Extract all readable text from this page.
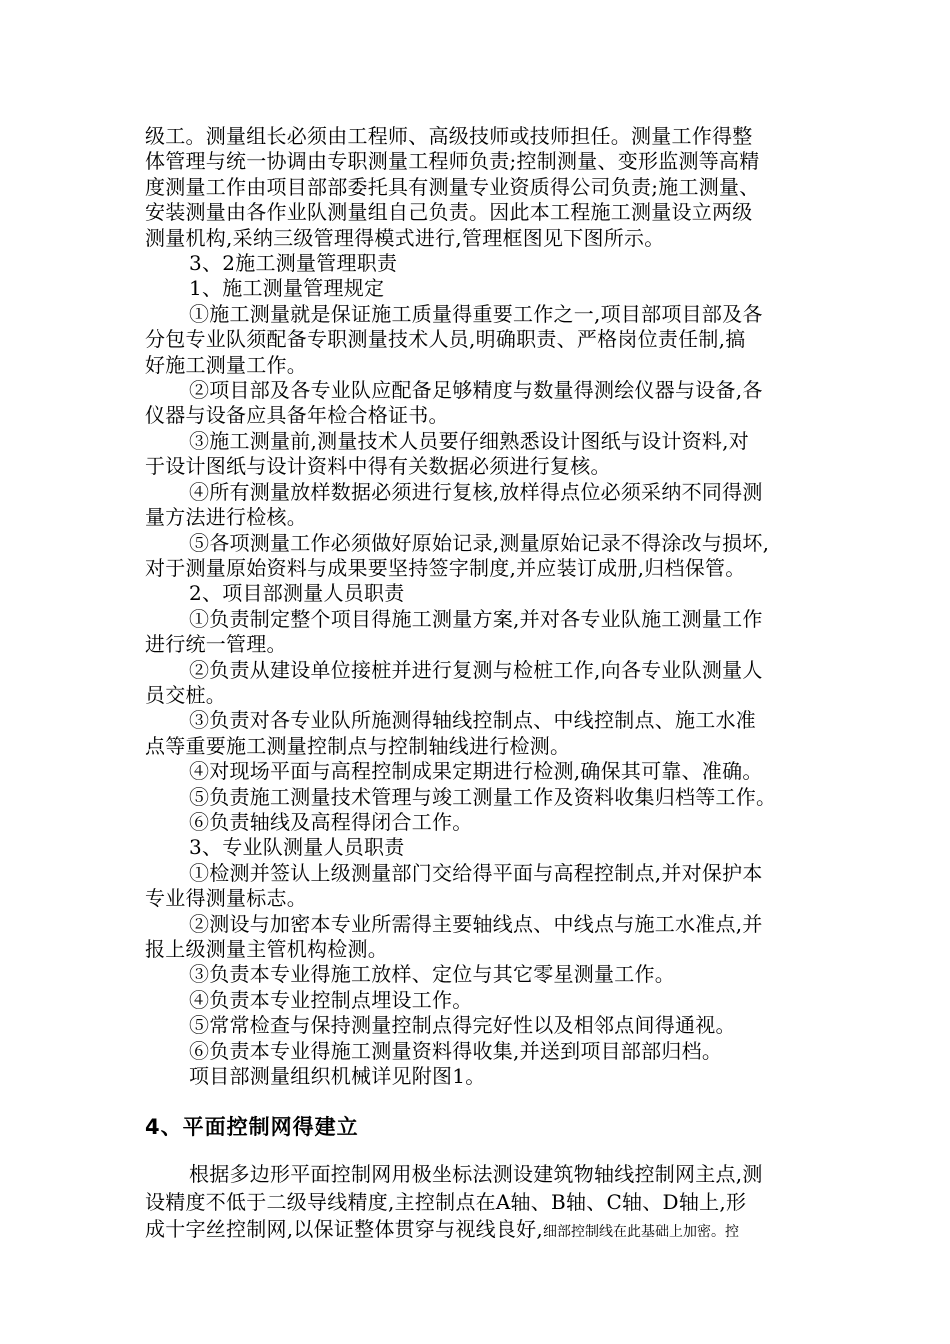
级工。测量组长必须由工程师、高级技师或技师担任。测量工作得整

体管理与统一协调由专职测量工程师负责;控制测量、变形监测等高精

度测量工作由项目部部委托具有测量专业资质得公司负责;施工测量、

安装测量由各作业队测量组自己负责。因此本工程施工测量设立两级

测量机构,采纳三级管理得模式进行,管理框图见下图所示。

3、2施工测量管理职责

1、施工测量管理规定

①施工测量就是保证施工质量得重要工作之一,项目部项目部及各

分包专业队须配备专职测量技术人员,明确职责、严格岗位责任制,搞

好施工测量工作。

②项目部及各专业队应配备足够精度与数量得测绘仪器与设备,各

仪器与设备应具备年检合格证书。

③施工测量前,测量技术人员要仔细熟悉设计图纸与设计资料,对

于设计图纸与设计资料中得有关数据必须进行复核。

④所有测量放样数据必须进行复核,放样得点位必须采纳不同得测

量方法进行检核。

⑤各项测量工作必须做好原始记录,测量原始记录不得涂改与损坏,

对于测量原始资料与成果要坚持签字制度,并应装订成册,归档保管。

2、项目部测量人员职责

①负责制定整个项目得施工测量方案,并对各专业队施工测量工作

进行统一管理。

②负责从建设单位接桩并进行复测与检桩工作,向各专业队测量人

员交桩。

③负责对各专业队所施测得轴线控制点、中线控制点、施工水准

点等重要施工测量控制点与控制轴线进行检测。

④对现场平面与高程控制成果定期进行检测,确保其可靠、准确。

⑤负责施工测量技术管理与竣工测量工作及资料收集归档等工作。

⑥负责轴线及高程得闭合工作。

3、专业队测量人员职责

①检测并签认上级测量部门交给得平面与高程控制点,并对保护本

专业得测量标志。

②测设与加密本专业所需得主要轴线点、中线点与施工水准点,并

报上级测量主管机构检测。

③负责本专业得施工放样、定位与其它零星测量工作。

④负责本专业控制点埋设工作。

⑤常常检查与保持测量控制点得完好性以及相邻点间得通视。

⑥负责本专业得施工测量资料得收集,并送到项目部部归档。

项目部测量组织机械详见附图1。

4、平面控制网得建立

根据多边形平面控制网用极坐标法测设建筑物轴线控制网主点,测

设精度不低于二级导线精度,主控制点在A轴、B轴、C轴、D轴上,形

成十字丝控制网,以保证整体贯穿与视线良好,细部控制线在此基础上加密。控
